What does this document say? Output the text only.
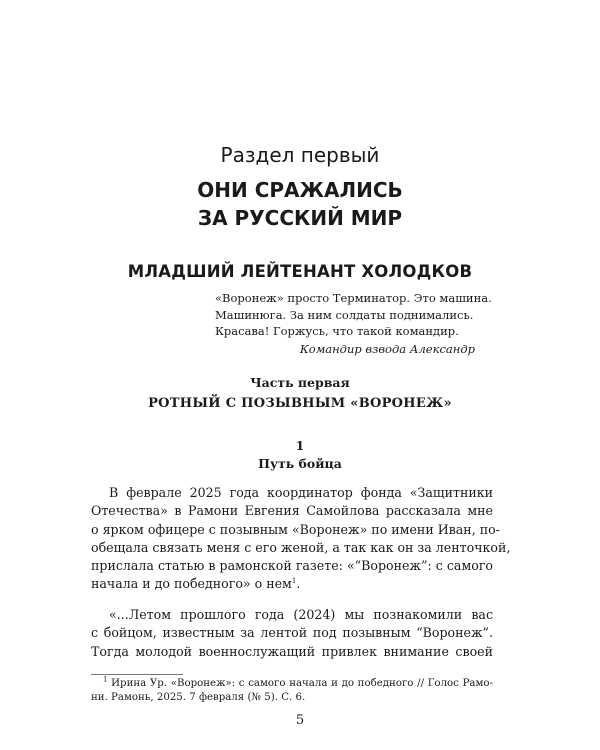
Раздел первый
ОНИ СРАЖАЛИСЬ
ЗА РУССКИЙ МИР
МЛАДШИЙ ЛЕЙТЕНАНТ ХОЛОДКОВ
«Воронеж» просто Терминатор. Это машина.
Машинюга. За ним солдаты поднимались.
Красава! Горжусь, что такой командир.
Командир взвода Александр
Часть первая
РОТНЫЙ С ПОЗЫВНЫМ «ВОРОНЕЖ»
1
Путь бойца
В феврале 2025 года координатор фонда «Защитники
Отечества» в Рамони Евгения Самойлова рассказала мне
о ярком офицере с позывным «Воронеж» по имени Иван, по-
обещала связать меня с его женой, а так как он за ленточкой,
прислала статью в рамонской газете: «“Воронеж”: с самого
начала и до победного» о нем$^1$.
«...Летом прошлого года (2024) мы познакомили вас
с бойцом, известным за лентой под позывным “Воронеж”.
Тогда молодой военнослужащий привлек внимание своей
$^1$ Ирина Ур. «Воронеж»: с самого начала и до победного // Голос Рамо-
ни. Рамонь, 2025. 7 февраля (№ 5). С. 6.
5
